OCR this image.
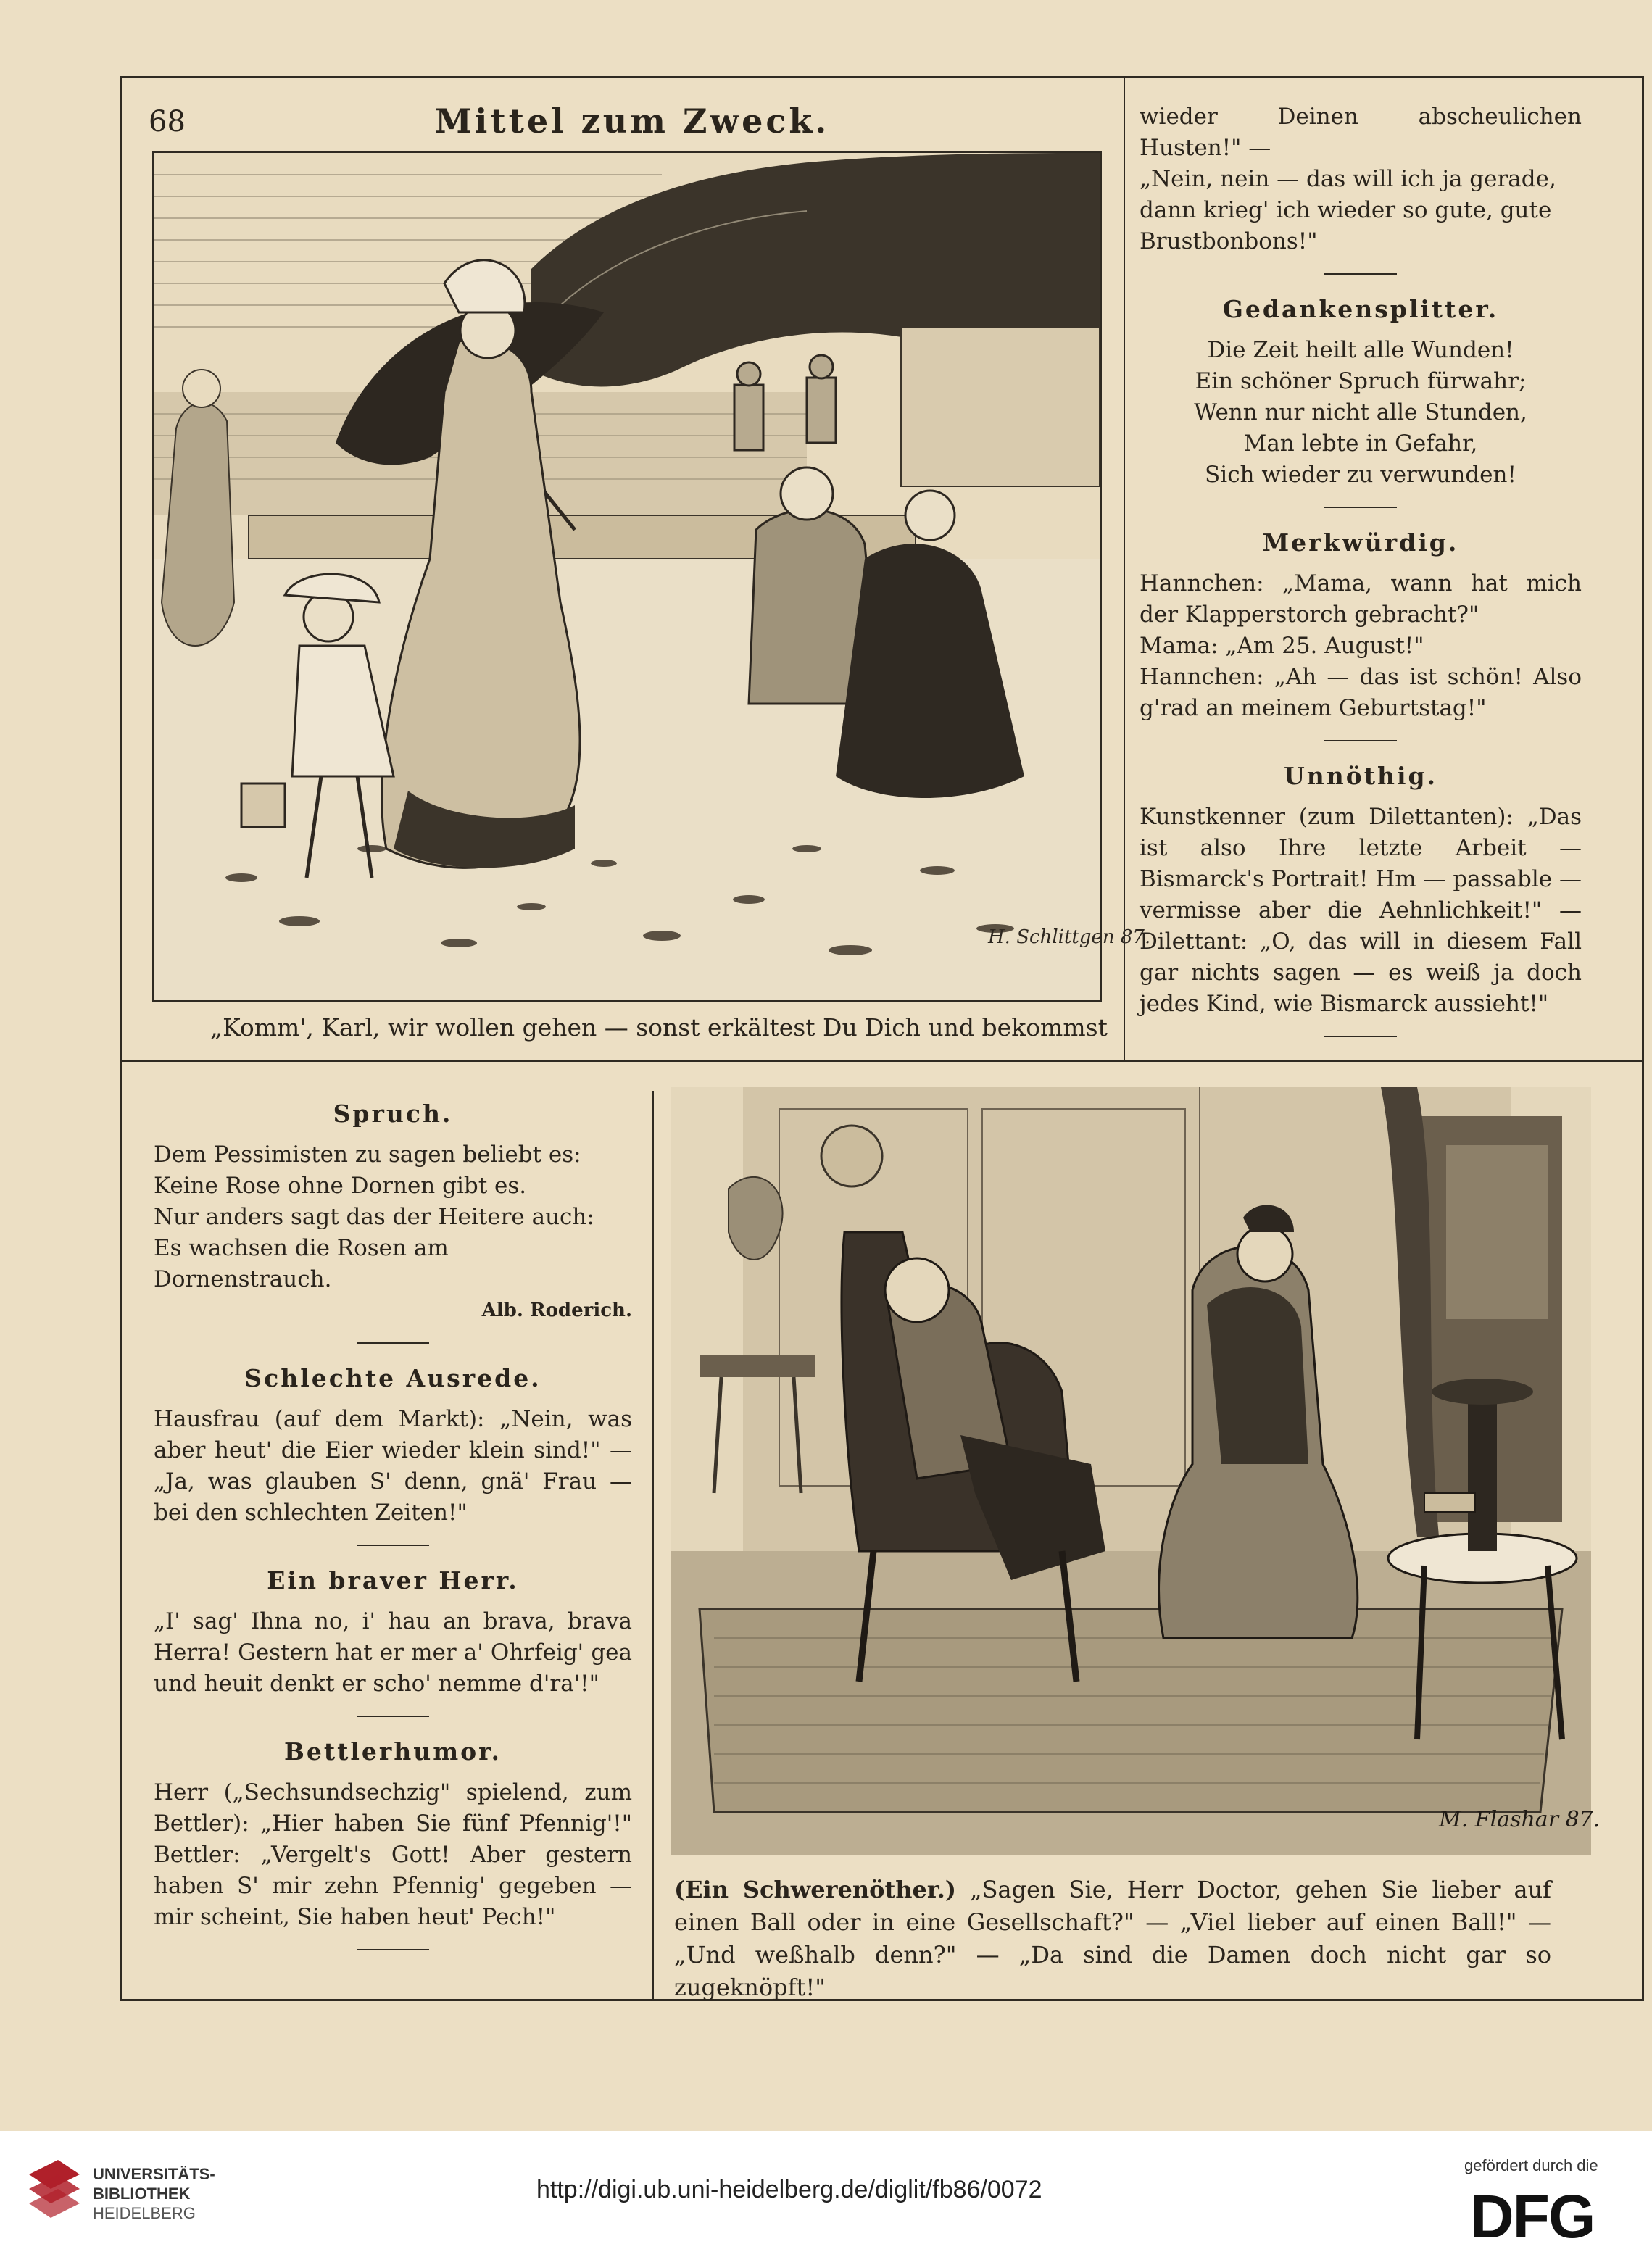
68	Mittel zum Zweck.
H. Schlittgen 87.
„Komm', Karl, wir wollen gehen — sonst erkältest Du Dich und bekommst

wieder Deinen abscheulichen Husten!" —

„Nein, nein — das will ich ja gerade,

dann krieg' ich wieder so gute, gute

Brustbonbons!"

Gedankensplitter.

Die Zeit heilt alle Wunden!

Ein schöner Spruch fürwahr;

Wenn nur nicht alle Stunden,

Man lebte in Gefahr,

Sich wieder zu verwunden!

Merkwürdig.

Hannchen: „Mama, wann hat mich der Klapperstorch gebracht?"

Mama: „Am 25. August!"

Hannchen: „Ah — das ist schön! Also g'rad an meinem Geburtstag!"

Unnöthig.

Kunstkenner (zum Dilettanten): „Das ist also Ihre letzte Arbeit — Bismarck's Portrait! Hm — passable — vermisse aber die Aehnlichkeit!" — Dilettant: „O, das will in diesem Fall gar nichts sagen — es weiß ja doch jedes Kind, wie Bismarck aussieht!"

Spruch.

Dem Pessimisten zu sagen beliebt es:

Keine Rose ohne Dornen gibt es.

Nur anders sagt das der Heitere auch:

Es wachsen die Rosen am Dornenstrauch.

Alb. Roderich.

Schlechte Ausrede.

Hausfrau (auf dem Markt): „Nein, was aber heut' die Eier wieder klein sind!" — „Ja, was glauben S' denn, gnä' Frau — bei den schlechten Zeiten!"

Ein braver Herr.

„I' sag' Ihna no, i' hau an brava, brava Herra! Gestern hat er mer a' Ohrfeig' gea und heuit denkt er scho' nemme d'ra'!"

Bettlerhumor.

Herr („Sechsundsechzig" spielend, zum Bettler): „Hier haben Sie fünf Pfennig'!" Bettler: „Vergelt's Gott! Aber gestern haben S' mir zehn Pfennig' gegeben — mir scheint, Sie haben heut' Pech!"

M. Flashar 87.
(Ein Schwerenöther.) „Sagen Sie, Herr Doctor, gehen Sie lieber auf einen Ball oder in eine Gesellschaft?" — „Viel lieber auf einen Ball!" — „Und weßhalb denn?" — „Da sind die Damen doch nicht gar so zugeknöpft!"
UNIVERSITÄTS-
BIBLIOTHEK
HEIDELBERG
http://digi.ub.uni-heidelberg.de/diglit/fb86/0072
gefördert durch die
DFG
